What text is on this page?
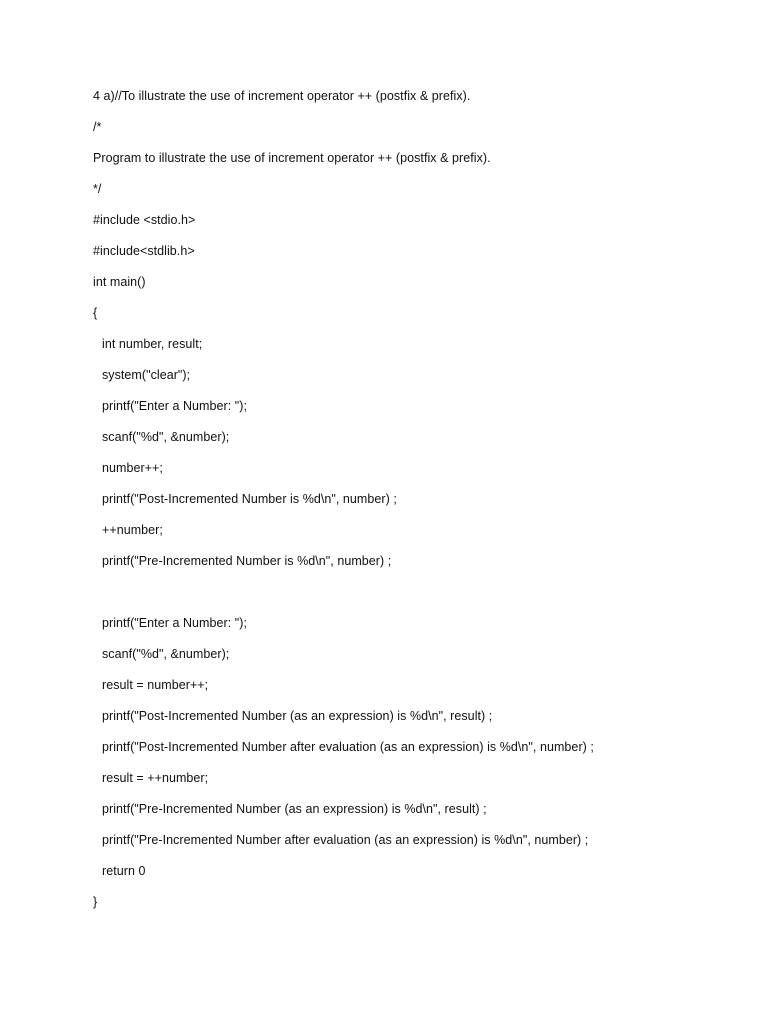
4 a)//To illustrate the use of increment operator ++ (postfix & prefix).
/*
Program to illustrate the use of increment operator ++ (postfix & prefix).
*/
#include <stdio.h>
#include<stdlib.h>
int main()
{
int number, result;
system("clear");
printf("Enter a Number: ");
scanf("%d", &number);
number++;
printf("Post-Incremented Number is %d\n", number) ;
++number;
printf("Pre-Incremented Number is %d\n", number) ;
printf("Enter a Number: ");
scanf("%d", &number);
result = number++;
printf("Post-Incremented Number (as an expression) is %d\n", result) ;
printf("Post-Incremented Number after evaluation (as an expression) is %d\n", number) ;
result = ++number;
printf("Pre-Incremented Number (as an expression) is %d\n", result) ;
printf("Pre-Incremented Number after evaluation (as an expression) is %d\n", number) ;
return 0
}
